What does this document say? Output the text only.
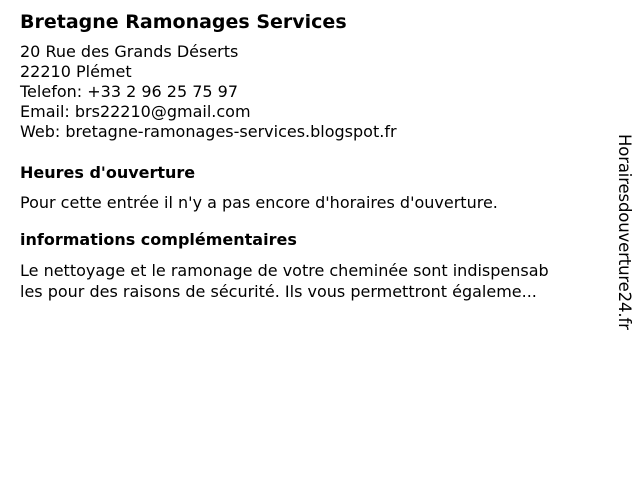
Bretagne Ramonages Services
20 Rue des Grands Déserts
22210 Plémet
Telefon: +33 2 96 25 75 97
Email: brs22210@gmail.com
Web: bretagne-ramonages-services.blogspot.fr
Heures d'ouverture
Pour cette entrée il n'y a pas encore d'horaires d'ouverture.
informations complémentaires
Le nettoyage et le ramonage de votre cheminée sont indispensab
les pour des raisons de sécurité. Ils vous permettront égaleme...	Horairesdouverture24.fr
